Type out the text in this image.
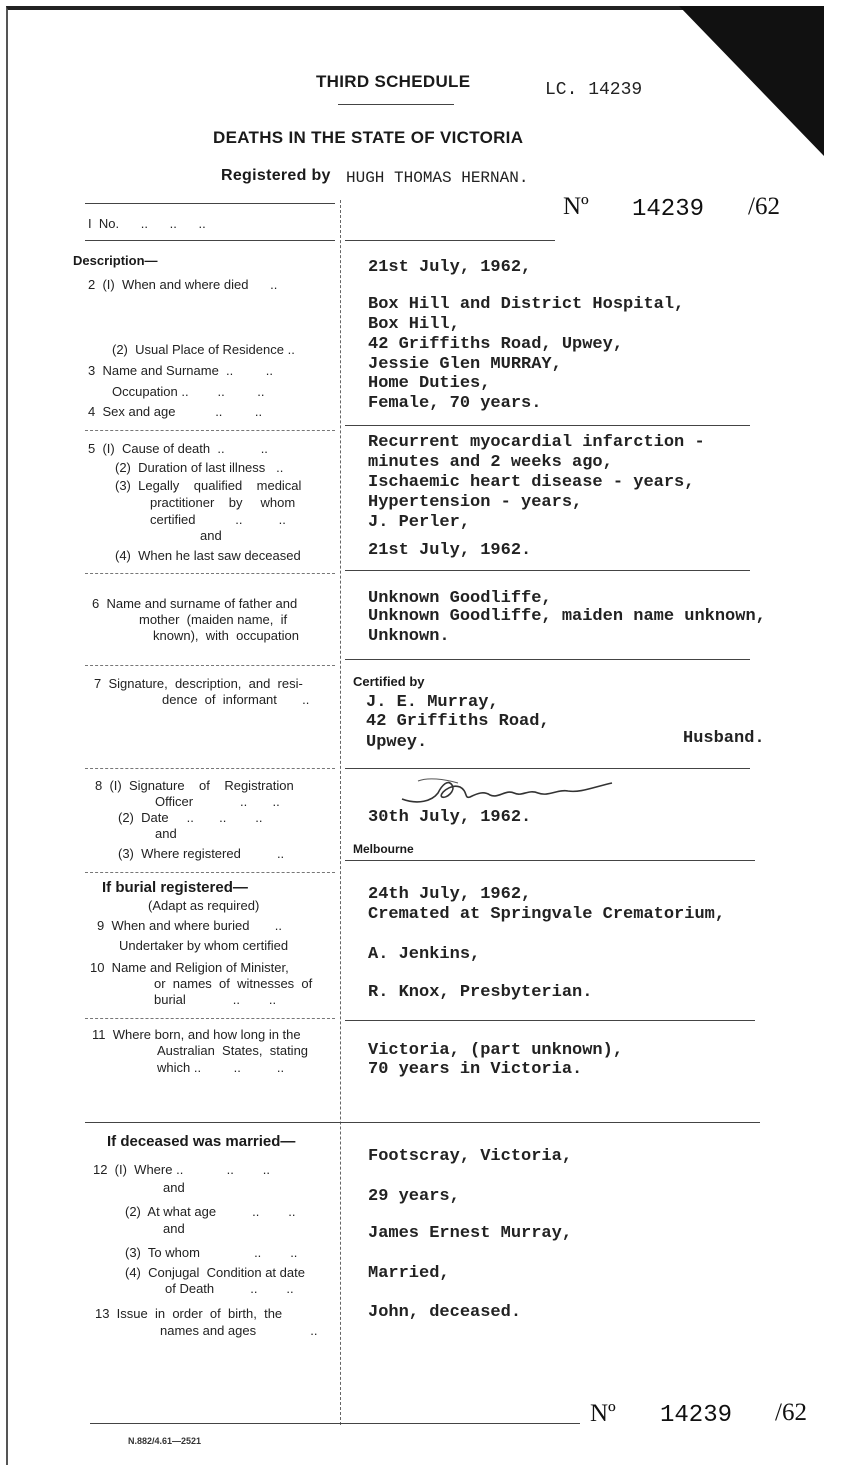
THIRD SCHEDULE	LC. 14239
DEATHS IN THE STATE OF VICTORIA
Registered by HUGH THOMAS HERNAN.
Nº 14239 /62
I  No.      ..      ..      ..
Description—
2  (I)  When and where died      ..
(2)  Usual Place of Residence ..
3  Name and Surname  ..         ..
Occupation ..        ..         ..
4  Sex and age           ..         ..
21st July, 1962,
Box Hill and District Hospital,
Box Hill,
42 Griffiths Road, Upwey,
Jessie Glen MURRAY,
Home Duties,
Female, 70 years.
5  (I)  Cause of death  ..          ..
(2)  Duration of last illness   ..
(3)  Legally    qualified    medical
practitioner    by     whom
certified           ..          ..
and
(4)  When he last saw deceased
Recurrent myocardial infarction -
minutes and 2 weeks ago,
Ischaemic heart disease - years,
Hypertension - years,
J. Perler,
21st July, 1962.
6  Name and surname of father and
mother  (maiden name,  if
known),  with  occupation
Unknown Goodliffe,
Unknown Goodliffe, maiden name unknown,
Unknown.
7  Signature,  description,  and  resi-
dence  of  informant       ..
Certified by
J. E. Murray,
42 Griffiths Road,
Upwey.	Husband.
8  (I)  Signature    of    Registration
Officer             ..       ..
(2)  Date     ..       ..        ..
and
(3)  Where registered          ..
30th July, 1962.
Melbourne
If burial registered—
(Adapt as required)
9  When and where buried       ..
Undertaker by whom certified
10  Name and Religion of Minister,
or  names  of  witnesses  of
burial             ..        ..
24th July, 1962,
Cremated at Springvale Crematorium,
A. Jenkins,
R. Knox, Presbyterian.
11  Where born, and how long in the
Australian  States,  stating
which ..         ..          ..
Victoria, (part unknown),
70 years in Victoria.
If deceased was married—
12  (I)  Where ..            ..        ..
and
(2)  At what age          ..        ..
and
(3)  To whom               ..        ..
(4)  Conjugal  Condition at date
of Death          ..        ..
13  Issue  in  order  of  birth,  the
names and ages               ..
Footscray, Victoria,
29 years,
James Ernest Murray,
Married,
John, deceased.
Nº 14239 /62
N.882/4.61—2521
